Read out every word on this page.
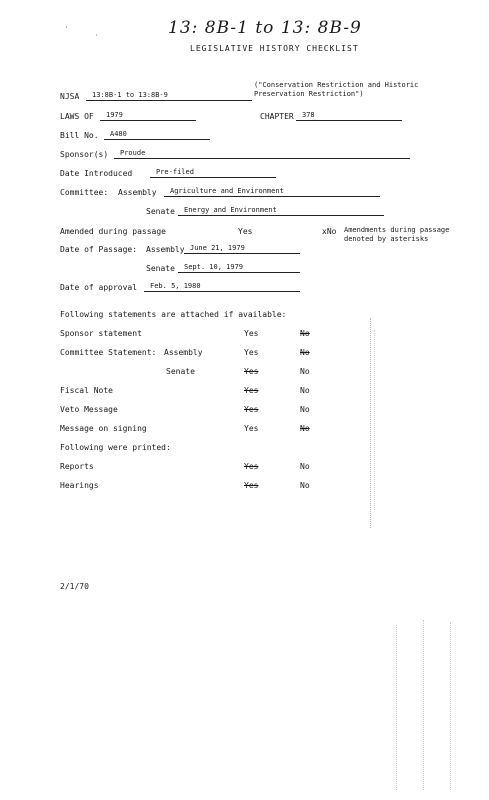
13: 8B-1 to 13: 8B-9
LEGISLATIVE HISTORY CHECKLIST
NJSA	13:8B-1 to 13:8B-9
("Conservation Restriction and Historic Preservation Restriction")
LAWS OF	1979	CHAPTER	378
Bill No.	A480
Sponsor(s)	Proude
Date Introduced	Pre-filed
Committee: Assembly	Agriculture and Environment
Senate	Energy and Environment
Amended during passage	Yes	xNo Amendments during passage denoted by asterisks
Date of Passage: Assembly June 21, 1979
Senate	Sept. 10, 1979
Date of approval	Feb. 5, 1980
Following statements are attached if available:
Sponsor statement	Yes	No
Committee Statement: Assembly	Yes	No
Senate	Yes	No
Fiscal Note	Yes	No
Veto Message	Yes	No
Message on signing	Yes	No
Following were printed:
Reports	Yes	No
Hearings	Yes	No
2/1/70
